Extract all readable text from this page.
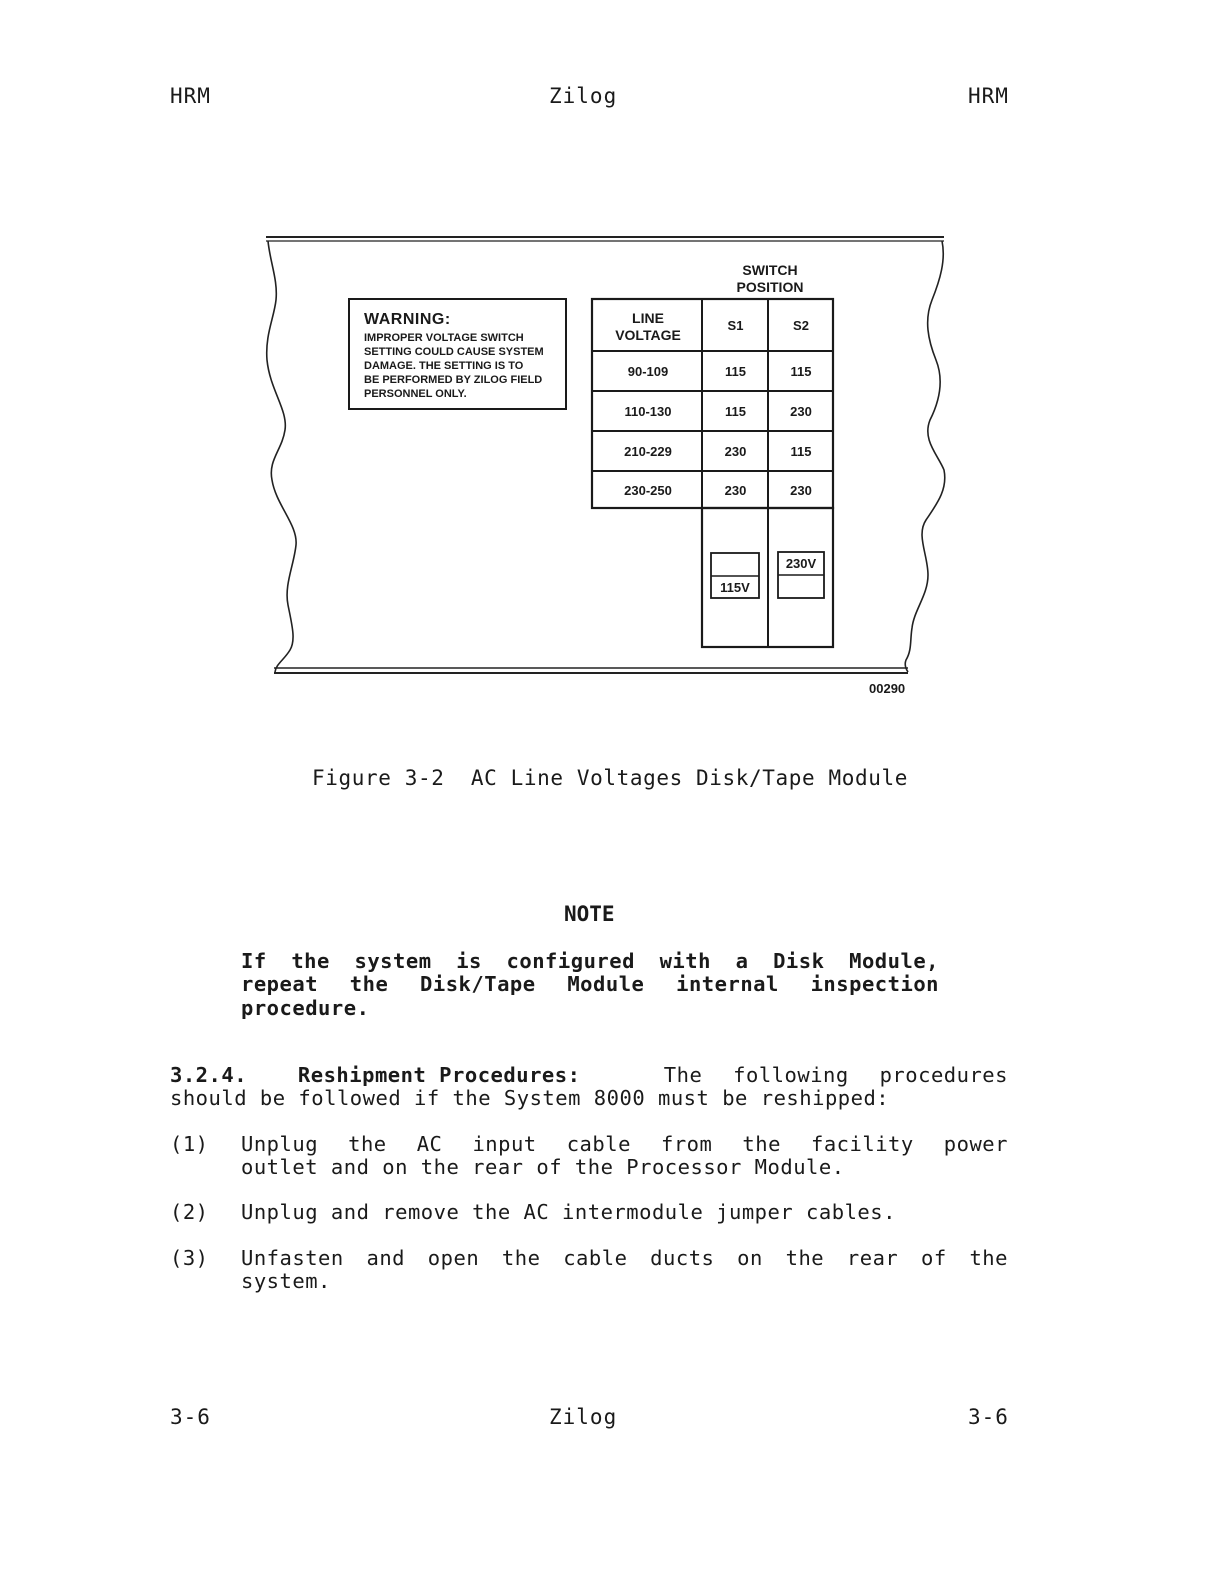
HRM	Zilog	HRM
WARNING:
IMPROPER VOLTAGE SWITCH
SETTING COULD CAUSE SYSTEM
DAMAGE. THE SETTING IS TO
BE PERFORMED BY ZILOG FIELD
PERSONNEL ONLY.
SWITCH
POSITION
LINE
VOLTAGE
S1	S2
90-109	115	115
110-130	115	230
210-229	230	115
230-250	230	230
115V
230V
00290
Figure 3-2  AC Line Voltages Disk/Tape Module
NOTE
If the system is configured with a Disk Module,
repeat the Disk/Tape Module internal inspection
procedure.
3.2.4. Reshipment Procedures:	The following procedures
should be followed if the System 8000 must be reshipped:
(1) Unplug the AC input cable from the facility power
outlet and on the rear of the Processor Module.
(2) Unplug and remove the AC intermodule jumper cables.
(3) Unfasten and open the cable ducts on the rear of the
system.
3-6	Zilog	3-6
